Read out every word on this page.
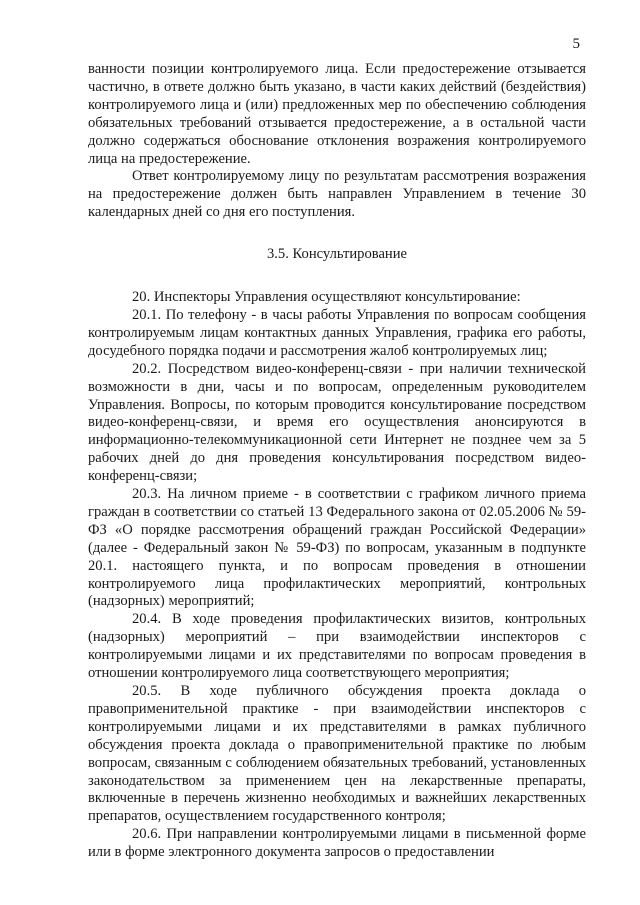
5

ванности позиции контролируемого лица. Если предостережение отзывается частично, в ответе должно быть указано, в части каких действий (бездействия) контролируемого лица и (или) предложенных мер по обеспечению соблюдения обязательных требований отзывается предостережение, а в остальной части должно содержаться обоснование отклонения возражения контролируемого лица на предостережение.

Ответ контролируемому лицу по результатам рассмотрения возражения на предостережение должен быть направлен Управлением в течение 30 календарных дней со дня его поступления.

3.5. Консультирование

20. Инспекторы Управления осуществляют консультирование:

20.1. По телефону - в часы работы Управления по вопросам сообщения контролируемым лицам контактных данных Управления, графика его работы, досудебного порядка подачи и рассмотрения жалоб контролируемых лиц;

20.2. Посредством видео-конференц-связи - при наличии технической возможности в дни, часы и по вопросам, определенным руководителем Управления. Вопросы, по которым проводится консультирование посредством видео-конференц-связи, и время его осуществления анонсируются в информационно-телекоммуникационной сети Интернет не позднее чем за 5 рабочих дней до дня проведения консультирования посредством видео-конференц-связи;

20.3. На личном приеме - в соответствии с графиком личного приема граждан в соответствии со статьей 13 Федерального закона от 02.05.2006 № 59-ФЗ «О порядке рассмотрения обращений граждан Российской Федерации» (далее - Федеральный закон № 59-ФЗ) по вопросам, указанным в подпункте 20.1. настоящего пункта, и по вопросам проведения в отношении контролируемого лица профилактических мероприятий, контрольных (надзорных) мероприятий;

20.4. В ходе проведения профилактических визитов, контрольных (надзорных) мероприятий – при взаимодействии инспекторов с контролируемыми лицами и их представителями по вопросам проведения в отношении контролируемого лица соответствующего мероприятия;

20.5. В ходе публичного обсуждения проекта доклада о правоприменительной практике - при взаимодействии инспекторов с контролируемыми лицами и их представителями в рамках публичного обсуждения проекта доклада о правоприменительной практике по любым вопросам, связанным с соблюдением обязательных требований, установленных законодательством за применением цен на лекарственные препараты, включенные в перечень жизненно необходимых и важнейших лекарственных препаратов, осуществлением государственного контроля;

20.6. При направлении контролируемыми лицами в письменной форме или в форме электронного документа запросов о предоставлении
